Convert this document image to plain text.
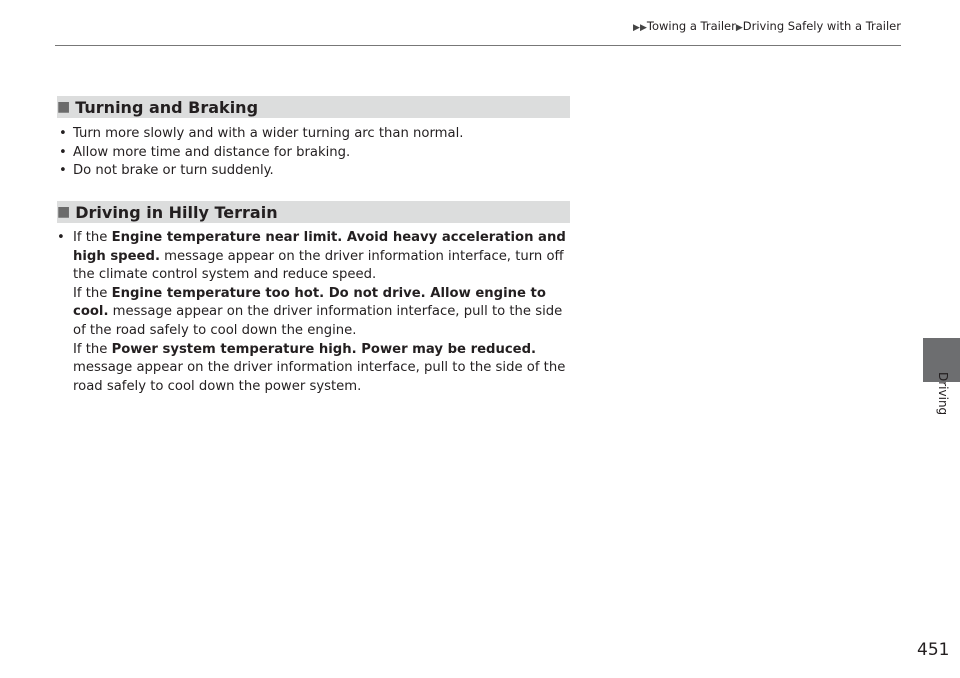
▶▶Towing a Trailer▶Driving Safely with a Trailer
■ Turning and Braking
• Turn more slowly and with a wider turning arc than normal.
• Allow more time and distance for braking.
• Do not brake or turn suddenly.
■ Driving in Hilly Terrain
• If the Engine temperature near limit. Avoid heavy acceleration and high speed. message appear on the driver information interface, turn off the climate control system and reduce speed.
If the Engine temperature too hot. Do not drive. Allow engine to cool. message appear on the driver information interface, pull to the side of the road safely to cool down the engine.
If the Power system temperature high. Power may be reduced. message appear on the driver information interface, pull to the side of the road safely to cool down the power system.	Driving
451
